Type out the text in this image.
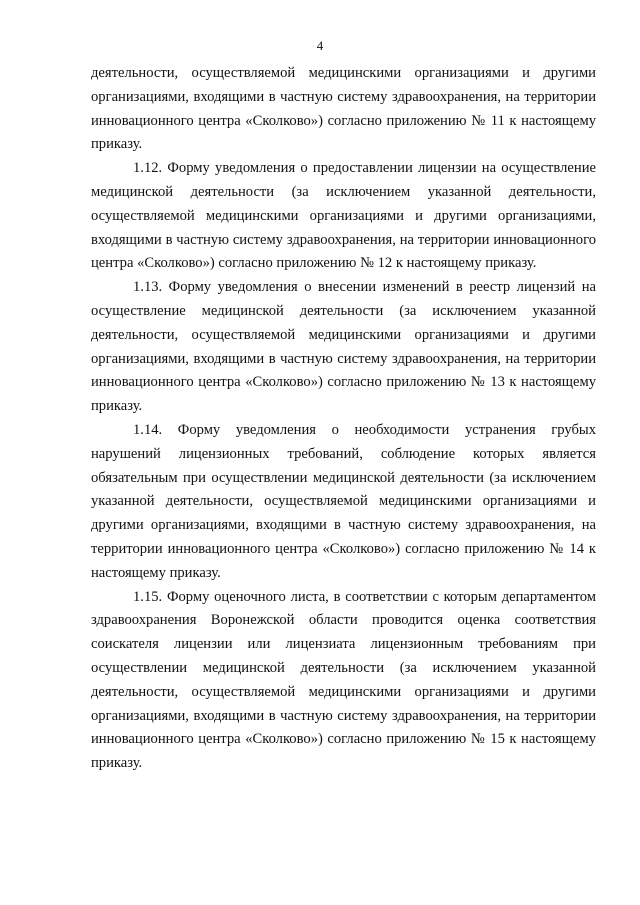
4

деятельности, осуществляемой медицинскими организациями и другими организациями, входящими в частную систему здравоохранения, на территории инновационного центра «Сколково») согласно приложению № 11 к настоящему приказу.

1.12. Форму уведомления о предоставлении лицензии на осуществление медицинской деятельности (за исключением указанной деятельности, осуществляемой медицинскими организациями и другими организациями, входящими в частную систему здравоохранения, на территории инновационного центра «Сколково») согласно приложению № 12 к настоящему приказу.

1.13. Форму уведомления о внесении изменений в реестр лицензий на осуществление медицинской деятельности (за исключением указанной деятельности, осуществляемой медицинскими организациями и другими организациями, входящими в частную систему здравоохранения, на территории инновационного центра «Сколково») согласно приложению № 13 к настоящему приказу.

1.14. Форму уведомления о необходимости устранения грубых нарушений лицензионных требований, соблюдение которых является обязательным при осуществлении медицинской деятельности (за исключением указанной деятельности, осуществляемой медицинскими организациями и другими организациями, входящими в частную систему здравоохранения, на территории инновационного центра «Сколково») согласно приложению № 14 к настоящему приказу.

1.15. Форму оценочного листа, в соответствии с которым департаментом здравоохранения Воронежской области проводится оценка соответствия соискателя лицензии или лицензиата лицензионным требованиям при осуществлении медицинской деятельности (за исключением указанной деятельности, осуществляемой медицинскими организациями и другими организациями, входящими в частную систему здравоохранения, на территории инновационного центра «Сколково») согласно приложению № 15 к настоящему приказу.
